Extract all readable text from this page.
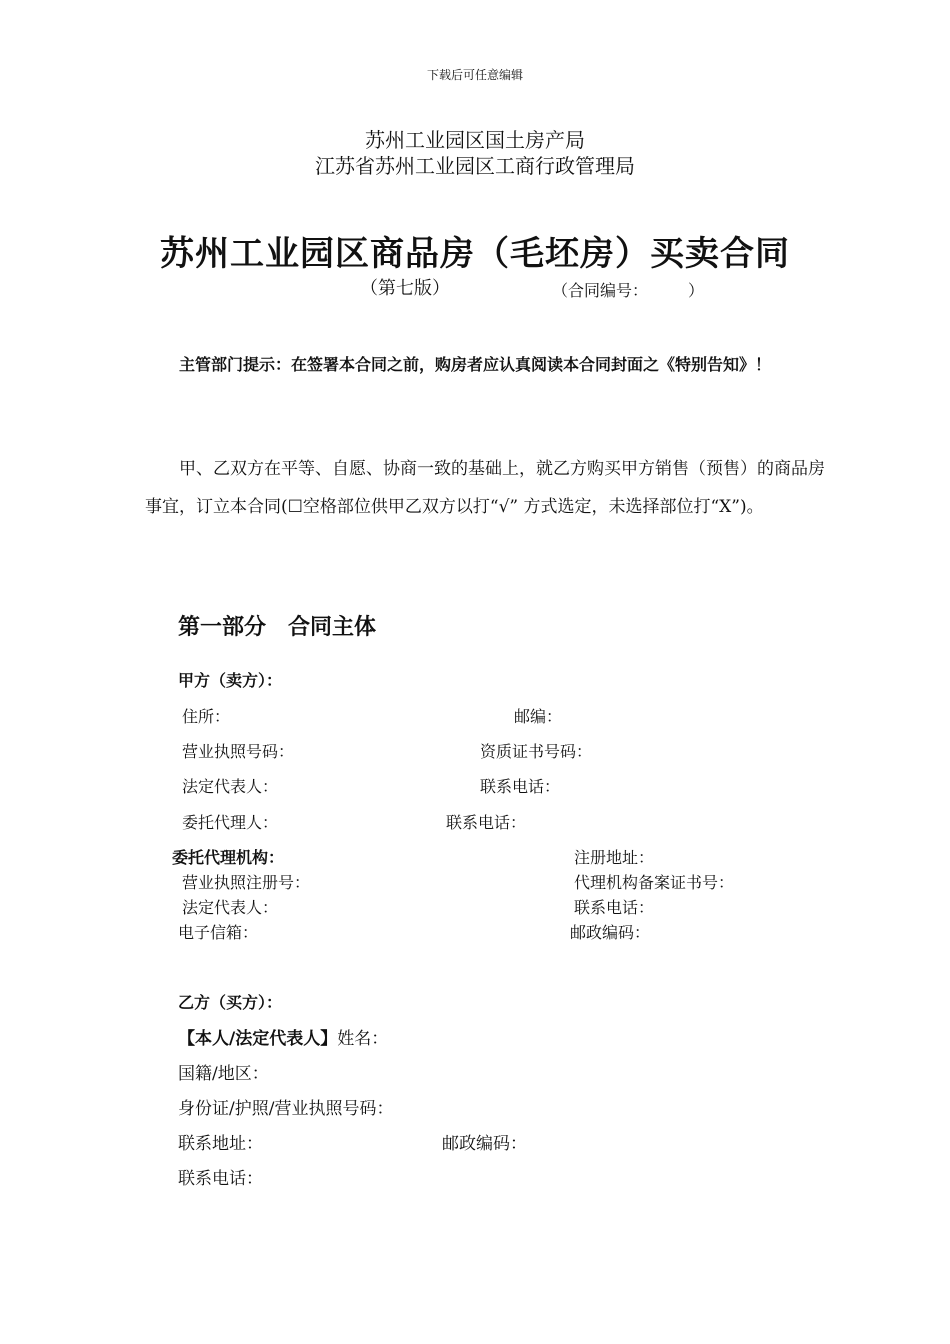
下载后可任意编辑
苏州工业园区国土房产局
江苏省苏州工业园区工商行政管理局
苏州工业园区商品房（毛坯房）买卖合同
（第七版）	（合同编号：　　　）
主管部门提示：在签署本合同之前，购房者应认真阅读本合同封面之《特别告知》！
甲、乙双方在平等、自愿、协商一致的基础上，就乙方购买甲方销售（预售）的商品房事宜，订立本合同(☐空格部位供甲乙双方以打“√” 方式选定，未选择部位打“X”)。
第一部分　合同主体
甲方（卖方）：
住所：	邮编：
营业执照号码：	资质证书号码：
法定代表人：	联系电话：
委托代理人：	联系电话：
委托代理机构：	注册地址：
营业执照注册号：	代理机构备案证书号：
法定代表人：	联系电话：
电子信箱：	邮政编码：
乙方（买方）：
【本人/法定代表人】姓名：
国籍/地区：
身份证/护照/营业执照号码：
联系地址：	邮政编码：
联系电话：
